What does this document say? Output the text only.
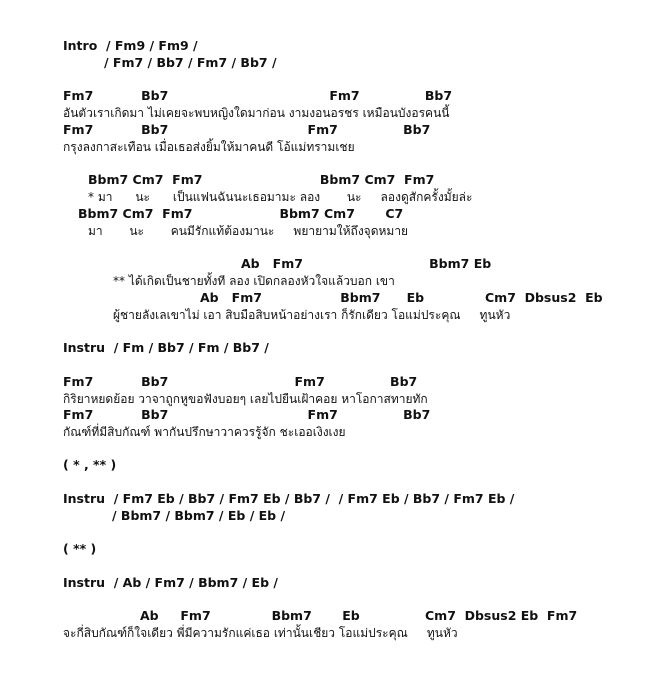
Intro  / Fm9 / Fm9 /
/ Fm7 / Bb7 / Fm7 / Bb7 /
Fm7           Bb7                                     Fm7               Bb7
อันตัวเราเกิดมา ไม่เคยจะพบหญิงใดมาก่อน งามงอนอรชร เหมือนบังอรคนนี้
Fm7           Bb7                                Fm7               Bb7
กรุงลงกาสะเทือน เมื่อเธอส่งยิ้มให้มาคนดี โอ้แม่ทรามเชย
Bbm7 Cm7  Fm7                           Bbm7 Cm7  Fm7
* มา      นะ      เป็นแฟนฉันนะเธอมามะ ลอง       นะ     ลองดูสักครั้งมั้ยล่ะ
Bbm7 Cm7  Fm7                    Bbm7 Cm7       C7
มา       นะ       คนมีรักแท้ต้องมานะ     พยายามให้ถึงจุดหมาย
Ab   Fm7                             Bbm7 Eb
** ได้เกิดเป็นชายทั้งที ลอง เปิดกลองหัวใจแล้วบอก เขา
Ab   Fm7                  Bbm7      Eb              Cm7  Dbsus2  Eb
ผู้ชายลังเลเขาไม่ เอา สิบมือสิบหน้าอย่างเรา ก็รักเดียว โอแม่ประคุณ     ทูนหัว
Instru  / Fm / Bb7 / Fm / Bb7 /
Fm7           Bb7                             Fm7               Bb7
กิริยาหยดย้อย วาจาถูกหูขอฟังบอยๆ เลยไปยืนเฝ้าคอย หาโอกาสทายทัก
Fm7           Bb7                                Fm7               Bb7
กัณฑ์ที่มีสิบกัณฑ์ พากันปรึกษาวาควรรู้จัก ชะเออเงิงเงย
( * , ** )
Instru  / Fm7 Eb / Bb7 / Fm7 Eb / Bb7 /  / Fm7 Eb / Bb7 / Fm7 Eb /
/ Bbm7 / Bbm7 / Eb / Eb /
( ** )
Instru  / Ab / Fm7 / Bbm7 / Eb /
Ab     Fm7              Bbm7       Eb               Cm7  Dbsus2 Eb  Fm7
จะกี่สิบกัณฑ์ก็ใจเดียว พี่มีความรักแค่เธอ เท่านั้นเชียว โอแม่ประคุณ     ทูนหัว
